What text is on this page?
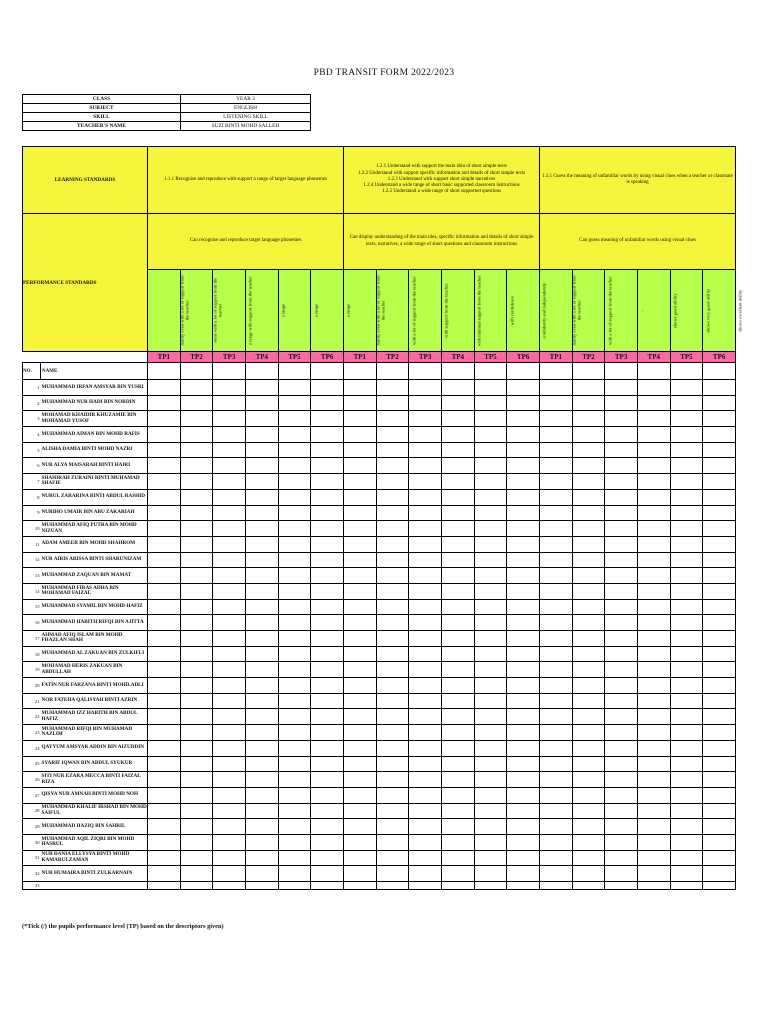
PBD TRANSIT FORM 2022/2023
CLASS	YEAR 3
SUBJECT	ENGLISH
SKILL	LISTENING SKILL
TEACHER'S NAME	SUZI BINTI MOHD SALLEH
LEARNING STANDARDS		1.1.1 Recognise and reproduce with support a range of target language phonemes						1.2.1 Understand with support the main idea of short simple texts
1.2.2 Understand with support specific information and details of short simple texts
1.2.3 Understand with support short simple narratives
1.2.4 Understand a wide range of short basic supported classroom instructions
1.2.5 Understand a wide range of short supported questions						1.3.1 Guess the meaning of unfamiliar words by using visual clues when a teacher or classmate is speaking					
PERFORMANCE STANDARDS		Can recognise and reproduce target language phonemes						Can display understanding of the main idea, specific information and details of short simple texts, narratives, a wide range of short questions and classroom instructions						Can guess meaning of unfamiliar words using visual clues					
		hardly even with a lot of support from the teacher	some with a lot of support from the teacher	a range with support from the teacher	a range	a range	a range	hardly even with a lot of support from the teacher	with a lot of support from the teacher	with support from the teacher	with minimal support from the teacher	with confidence	confidently and independently	hardly even with a lot of support from the teacher	with a lot of support from the teacher	-	shows good ability	shows very good ability	shows excellent ability
		TP1	TP2	TP3	TP4	TP5	TP6	TP1	TP2	TP3	TP4	TP5	TP6	TP1	TP2	TP3	TP4	TP5	TP6
NO.	NAME																		
1	MUHAMMAD IRFAN AMSYAR BIN YUSRI																		
2	MUHAMMAD NUR HADI BIN NORDIN																		
3	MOHAMAD KHAIDIR KHUZAMIE BIN MOHAMAD YUSOF																		
4	MUHAMMAD AIMAN BIN MOHD RAFIS																		
5	ALISHA DAMIA BINTI MOHD NAZRI																		
6	NUR ALYA MAISARAH BINTI HAIRI																		
7	SHAHIRAH ZURAINI BINTI MUHAMAD SHAFIE																		
8	NURUL ZARARINA BINTI ABDUL RASHID																		
9	NURIHO UMAIR BIN ABU ZAKARIAH																		
10	MUHAMMAD AFIQ PUTRA BIN MOHD NIZUAN																		
11	ADAM AMEER BIN MOHD SHAHROM																		
12	NUR AIRIS ARISSA BINTI SHARUNIZAM																		
13	MUHAMMAD ZAQUAN BIN MAMAT																		
14	MUHAMMAD FIRAS ADHA BIN MOHAMAD FAIZAL																		
15	MUHAMMAD SYAMIL BIN MOHD HAFIZ																		
16	MUHAMMAD HABITH RIFQI BIN AJITTA																		
17	AHMAD AFIQ ISLAM BIN MOHD FHAZLAN SHAH																		
18	MUHAMMAD AL ZAKUAN BIN ZULKIFLI																		
19	MOHAMAD HERIS ZAKUAN BIN ABDULLAH																		
20	FATIN NUR FARZANA BINTI MOHD.ADLI																		
21	NOR FATEHA QALISYAH BINTI AZRIN																		
22	MUHAMMAD IZZ HARITH BIN ABDUL HAFIZ																		
23	MUHAMMAD RIFQI BIN MUHAMAD NAZLIM																		
24	QAYYUM AMSYAR ADDIN BIN AIZUDDIN																		
25	SYARIF IQWAN BIN ABDUL SYUKUR																		
26	SITI NUR EZARA MECCA BINTI FAIZAL RIZA																		
27	QISYA NUR AMNAH BINTI MOHD NOH																		
28	MUHAMMAD KHALIF IRSHAD BIN MOHD SAIFUL																		
29	MUHAMMAD HAZIQ BIN SAHRIL																		
30	MUHAMMAD AQIL ZIQRI BIN MOHD HASRUL																		
31	NUR DANIA ELLYSYA BINTI MOHD KAMARULZAMAN																		
32	NUR HUMAIRA BINTI ZULKARNAIN																		
33																			
(*Tick (/) the pupils performance level (TP) based on the descriptors given)
